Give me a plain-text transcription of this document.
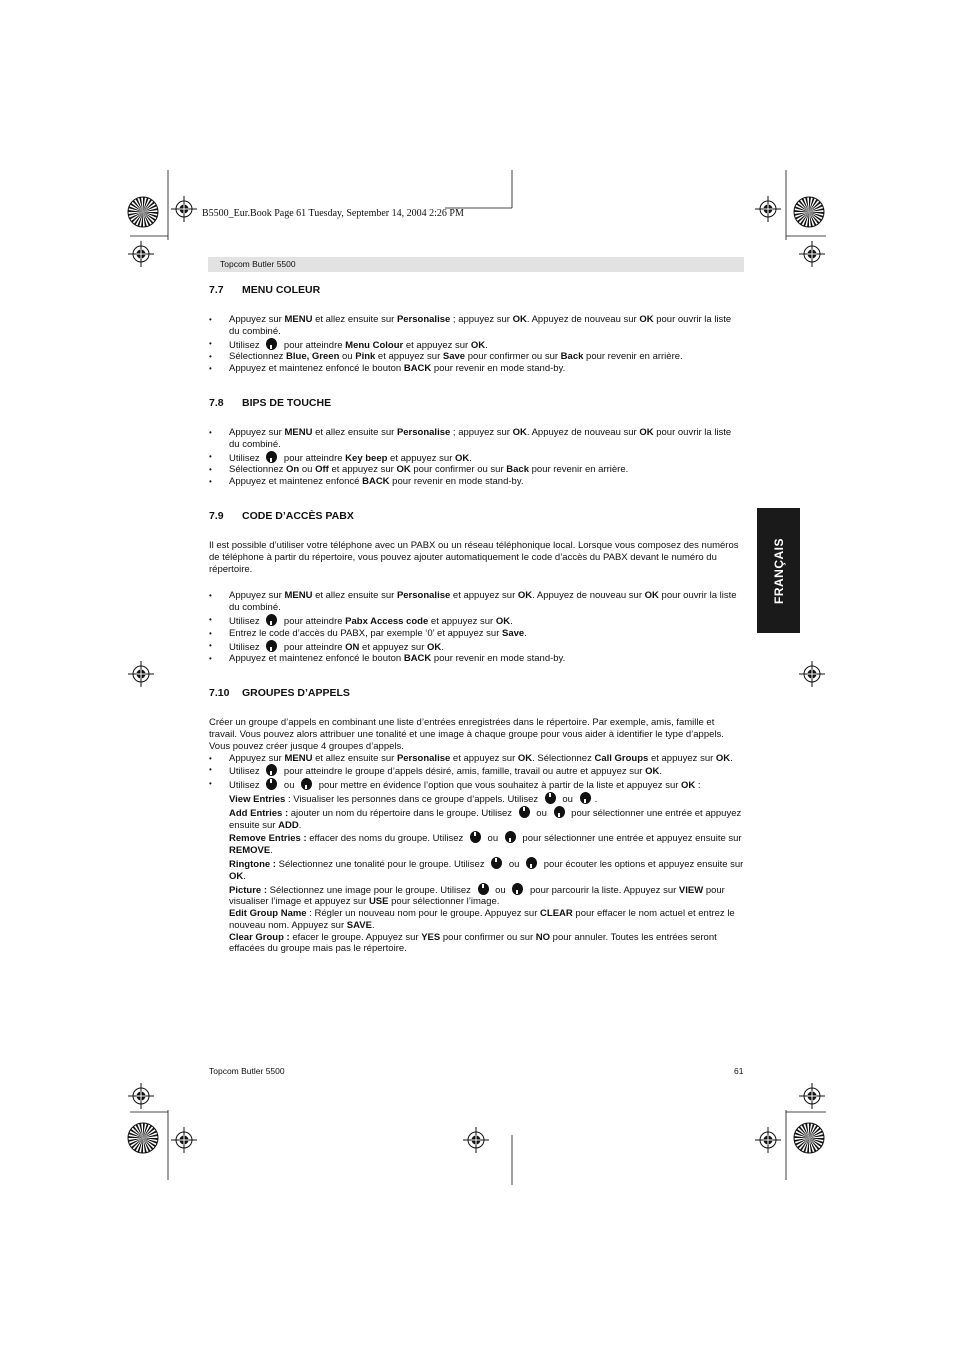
B5500_Eur.Book Page 61 Tuesday, September 14, 2004 2:26 PM
Topcom Butler 5500
FRANÇAIS
7.7 MENU COLEUR
• Appuyez sur MENU et allez ensuite sur Personalise ; appuyez sur OK. Appuyez de nouveau sur OK pour ouvrir la liste du combiné.
• Utilisez  pour atteindre Menu Colour et appuyez sur OK.
• Sélectionnez Blue, Green ou Pink et appuyez sur Save pour confirmer ou sur Back pour revenir en arrière.
• Appuyez et maintenez enfoncé le bouton BACK pour revenir en mode stand-by.
7.8 BIPS DE TOUCHE
• Appuyez sur MENU et allez ensuite sur Personalise ; appuyez sur OK. Appuyez de nouveau sur OK pour ouvrir la liste du combiné.
• Utilisez  pour atteindre Key beep et appuyez sur OK.
• Sélectionnez On ou Off et appuyez sur OK pour confirmer ou sur Back pour revenir en arrière.
• Appuyez et maintenez enfoncé BACK pour revenir en mode stand-by.
7.9 CODE D’ACCÈS PABX

Il est possible d’utiliser votre téléphone avec un PABX ou un réseau téléphonique local. Lorsque vous composez des numéros de téléphone à partir du répertoire, vous pouvez ajouter automatiquement le code d’accès du PABX devant le numéro du répertoire.

• Appuyez sur MENU et allez ensuite sur Personalise et appuyez sur OK. Appuyez de nouveau sur OK pour ouvrir la liste du combiné.
• Utilisez  pour atteindre Pabx Access code et appuyez sur OK.
• Entrez le code d’accès du PABX, par exemple ‘0’ et appuyez sur Save.
• Utilisez  pour atteindre ON et appuyez sur OK.
• Appuyez et maintenez enfoncé le bouton BACK pour revenir en mode stand-by.
7.10 GROUPES D’APPELS

Créer un groupe d’appels en combinant une liste d’entrées enregistrées dans le répertoire. Par exemple, amis, famille et travail. Vous pouvez alors attribuer une tonalité et une image à chaque groupe pour vous aider à identifier le type d’appels. Vous pouvez créer jusque 4 groupes d’appels.

• Appuyez sur MENU et allez ensuite sur Personalise et appuyez sur OK. Sélectionnez Call Groups et appuyez sur OK.
• Utilisez  pour atteindre le groupe d’appels désiré, amis, famille, travail ou autre et appuyez sur OK.
• Utilisez  ou  pour mettre en évidence l’option que vous souhaitez à partir de la liste et appuyez sur OK :
View Entries : Visualiser les personnes dans ce groupe d’appels. Utilisez  ou .
Add Entries : ajouter un nom du répertoire dans le groupe. Utilisez  ou  pour sélectionner une entrée et appuyez ensuite sur ADD.
Remove Entries : effacer des noms du groupe. Utilisez  ou  pour sélectionner une entrée et appuyez ensuite sur REMOVE.
Ringtone : Sélectionnez une tonalité pour le groupe. Utilisez  ou  pour écouter les options et appuyez ensuite sur OK.
Picture : Sélectionnez une image pour le groupe. Utilisez  ou  pour parcourir la liste. Appuyez sur VIEW pour visualiser l’image et appuyez sur USE pour sélectionner l’image.
Edit Group Name : Régler un nouveau nom pour le groupe. Appuyez sur CLEAR pour effacer le nom actuel et entrez le nouveau nom. Appuyez sur SAVE.
Clear Group : efacer le groupe. Appuyez sur YES pour confirmer ou sur NO pour annuler. Toutes les entrées seront effacées du groupe mais pas le répertoire.
Topcom Butler 5500	61
